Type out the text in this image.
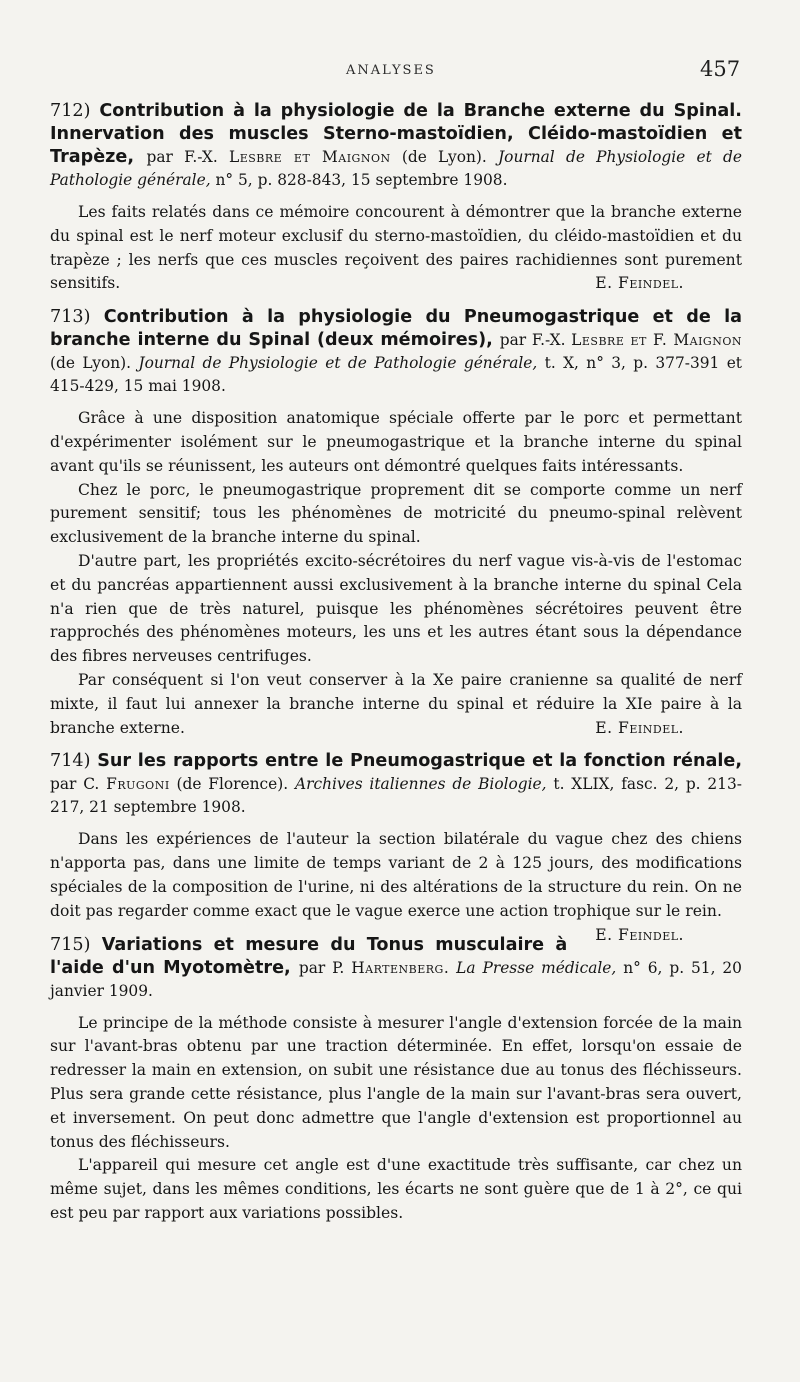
ANALYSES	457

712) Contribution à la physiologie de la Branche externe du Spinal. Innervation des muscles Sterno-mastoïdien, Cléido-mastoïdien et Trapèze, par F.-X. Lesbre et Maignon (de Lyon). Journal de Physiologie et de Pathologie générale, n° 5, p. 828-843, 15 septembre 1908.

Les faits relatés dans ce mémoire concourent à démontrer que la branche externe du spinal est le nerf moteur exclusif du sterno-mastoïdien, du cléido-mastoïdien et du trapèze ; les nerfs que ces muscles reçoivent des paires rachidiennes sont purement sensitifs.	E. Feindel.

713) Contribution à la physiologie du Pneumogastrique et de la branche interne du Spinal (deux mémoires), par F.-X. Lesbre et F. Maignon (de Lyon). Journal de Physiologie et de Pathologie générale, t. X, n° 3, p. 377-391 et 415-429, 15 mai 1908.

Grâce à une disposition anatomique spéciale offerte par le porc et permettant d'expérimenter isolément sur le pneumogastrique et la branche interne du spinal avant qu'ils se réunissent, les auteurs ont démontré quelques faits intéressants.

Chez le porc, le pneumogastrique proprement dit se comporte comme un nerf purement sensitif; tous les phénomènes de motricité du pneumo-spinal relèvent exclusivement de la branche interne du spinal.

D'autre part, les propriétés excito-sécrétoires du nerf vague vis-à-vis de l'estomac et du pancréas appartiennent aussi exclusivement à la branche interne du spinal Cela n'a rien que de très naturel, puisque les phénomènes sécrétoires peuvent être rapprochés des phénomènes moteurs, les uns et les autres étant sous la dépendance des fibres nerveuses centrifuges.

Par conséquent si l'on veut conserver à la Xe paire cranienne sa qualité de nerf mixte, il faut lui annexer la branche interne du spinal et réduire la XIe paire à la branche externe.	E. Feindel.

714) Sur les rapports entre le Pneumogastrique et la fonction rénale, par C. Frugoni (de Florence). Archives italiennes de Biologie, t. XLIX, fasc. 2, p. 213-217, 21 septembre 1908.

Dans les expériences de l'auteur la section bilatérale du vague chez des chiens n'apporta pas, dans une limite de temps variant de 2 à 125 jours, des modifications spéciales de la composition de l'urine, ni des altérations de la structure du rein. On ne doit pas regarder comme exact que le vague exerce une action trophique sur le rein.
E. Feindel.

715) Variations et mesure du Tonus musculaire à l'aide d'un Myotomètre, par P. Hartenberg. La Presse médicale, n° 6, p. 51, 20 janvier 1909.

Le principe de la méthode consiste à mesurer l'angle d'extension forcée de la main sur l'avant-bras obtenu par une traction déterminée. En effet, lorsqu'on essaie de redresser la main en extension, on subit une résistance due au tonus des fléchisseurs. Plus sera grande cette résistance, plus l'angle de la main sur l'avant-bras sera ouvert, et inversement. On peut donc admettre que l'angle d'extension est proportionnel au tonus des fléchisseurs.

L'appareil qui mesure cet angle est d'une exactitude très suffisante, car chez un même sujet, dans les mêmes conditions, les écarts ne sont guère que de 1 à 2°, ce qui est peu par rapport aux variations possibles.
